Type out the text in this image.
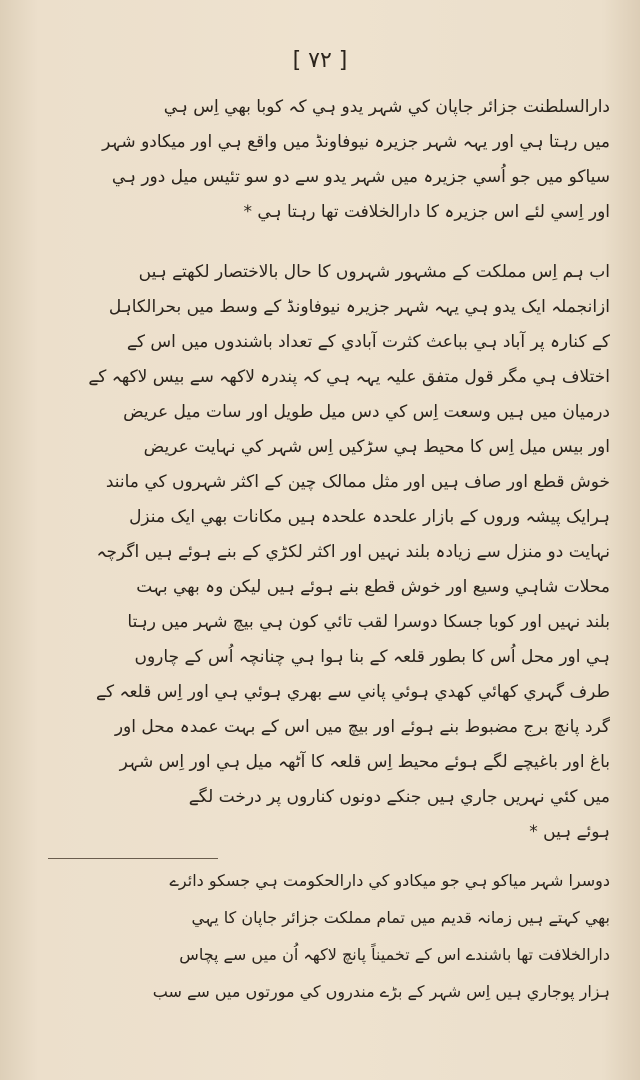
[ ٧٢ ]
دارالسلطنت جزائر جاپان کي شہر يدو ہي کہ کوبا بھي اِس ہي
ميں رہتا ہي اور يہہ شہر جزيرہ نيوفاونڈ ميں واقع ہي اور ميکادو شہر
سياکو ميں جو اُسي جزيرہ ميں شہر يدو سے دو سو تئيس ميل دور ہي
اور اِسي لئے اس جزيرہ کا دارالخلافت تھا رہتا ہي *
اب ہم اِس مملکت کے مشہور شہروں کا حال بالاختصار لکھتے ہيں
ازانجملہ ايک يدو ہي يہہ شہر جزيرہ نيوفاونڈ کے وسط ميں بحرالکاہل
کے کنارہ پر آباد ہي بباعث کثرت آبادي کے تعداد باشندوں ميں اس کے
اختلاف ہي مگر قول متفق عليہ يہہ ہي کہ پندرہ لاکھہ سے بيس لاکھہ کے
درميان ميں ہيں وسعت اِس کي دس ميل طويل اور سات ميل عريض
اور بيس ميل اِس کا محيط ہي سڑکيں اِس شہر کي نہايت عريض
خوش قطع اور صاف ہيں اور مثل ممالک چين کے اکثر شہروں کي مانند
ہرايک پيشہ وروں کے بازار علحدہ علحدہ ہيں مکانات بھي ايک منزل
نہايت دو منزل سے زيادہ بلند نہيں اور اکثر لکڑي کے بنے ہوئے ہيں اگرچہ
محلات شاہي وسيع اور خوش قطع بنے ہوئے ہيں ليکن وہ بھي بہت
بلند نہيں اور کوبا جسکا دوسرا لقب تائي کون ہي بيچ شہر ميں رہتا
ہي اور محل اُس کا بطور قلعہ کے بنا ہوا ہي چنانچہ اُس کے چاروں
طرف گہري کھائي کھدي ہوئي پاني سے بھري ہوئي ہي اور اِس قلعہ کے
گرد پانچ برج مضبوط بنے ہوئے اور بيچ ميں اس کے بہت عمدہ محل اور
باغ اور باغيچے لگے ہوئے محيط اِس قلعہ کا آٹھہ ميل ہي اور اِس شہر
ميں کئي نہريں جاري ہيں جنکے دونوں کناروں پر درخت لگے
ہوئے ہيں *
دوسرا شہر مياکو ہي جو ميکادو کي دارالحکومت ہي جسکو دائرے
بھي کہتے ہيں زمانہ قديم ميں تمام مملکت جزائر جاپان کا يہي
دارالخلافت تھا باشندے اس کے تخميناً پانچ لاکھہ اُن ميں سے پچاس
ہزار پوجاري ہيں اِس شہر کے بڑے مندروں کي مورتوں ميں سے سب
